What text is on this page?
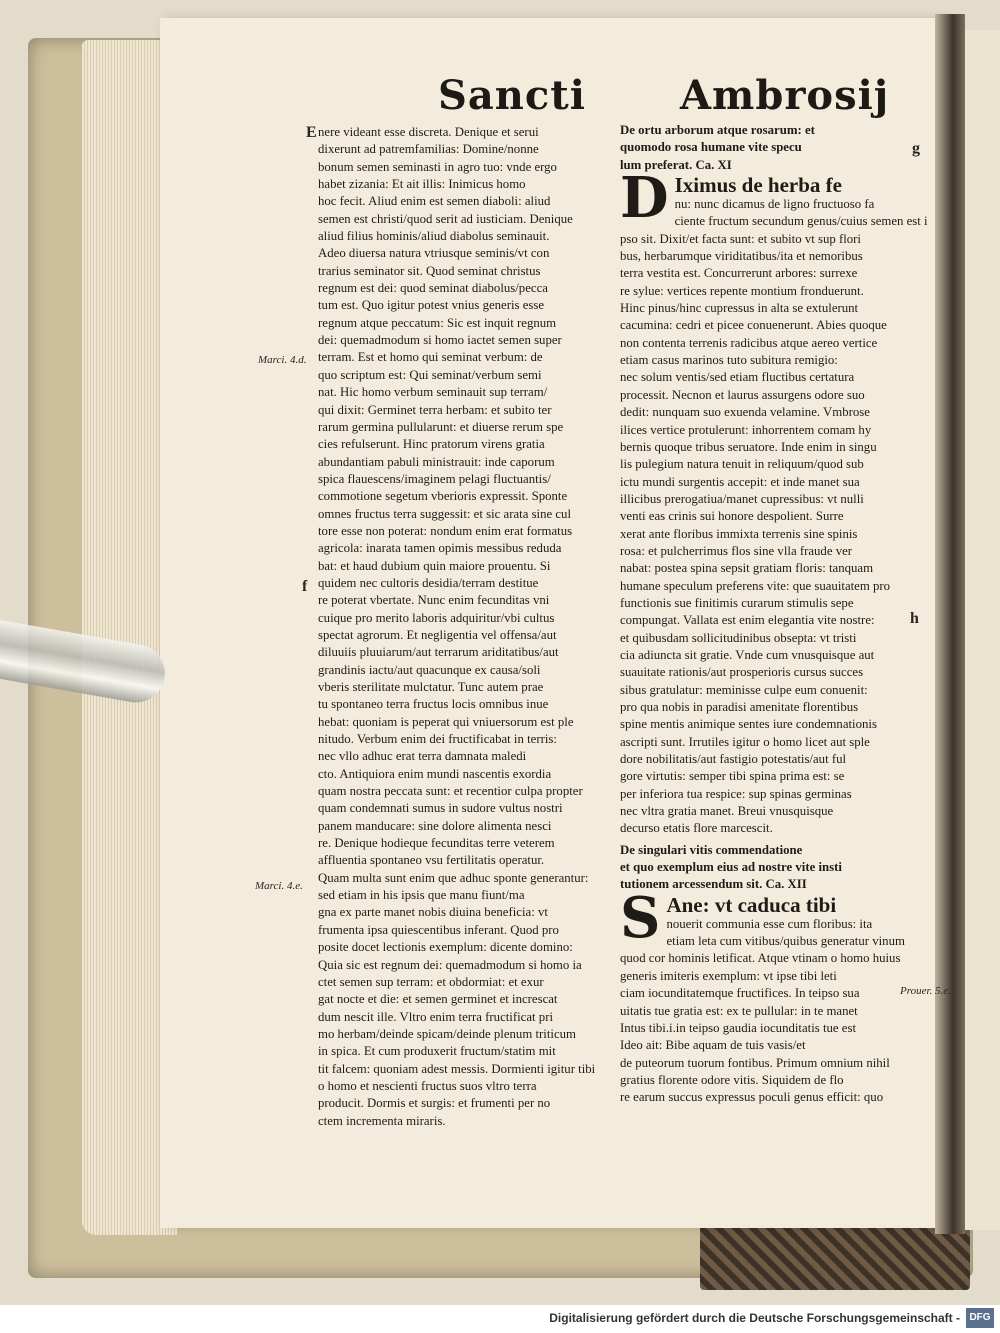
Sancti Ambrosij
E
Marci. 4.d.
Marci. 4.e.
f
g
h
Prouer. 5.e.

nere videant esse discreta. Denique et serui

dixerunt ad patremfamilias: Domine/nonne

bonum semen seminasti in agro tuo: vnde ergo

habet zizania: Et ait illis: Inimicus homo

hoc fecit. Aliud enim est semen diaboli: aliud

semen est christi/quod serit ad iusticiam. Denique

aliud filius hominis/aliud diabolus seminauit.

Adeo diuersa natura vtriusque seminis/vt con

trarius seminator sit. Quod seminat christus

regnum est dei: quod seminat diabolus/pecca

tum est. Quo igitur potest vnius generis esse

regnum atque peccatum: Sic est inquit regnum

dei: quemadmodum si homo iactet semen super

terram. Est et homo qui seminat verbum: de

quo scriptum est: Qui seminat/verbum semi

nat. Hic homo verbum seminauit sup terram/

qui dixit: Germinet terra herbam: et subito ter

rarum germina pullularunt: et diuerse rerum spe

cies refulserunt. Hinc pratorum virens gratia

abundantiam pabuli ministrauit: inde caporum

spica flauescens/imaginem pelagi fluctuantis/

commotione segetum vberioris expressit. Sponte

omnes fructus terra suggessit: et sic arata sine cul

tore esse non poterat: nondum enim erat formatus

agricola: inarata tamen opimis messibus reduda

bat: et haud dubium quin maiore prouentu. Si

quidem nec cultoris desidia/terram destitue

re poterat vbertate. Nunc enim fecunditas vni

cuique pro merito laboris adquiritur/vbi cultus

spectat agrorum. Et negligentia vel offensa/aut

diluuiis pluuiarum/aut terrarum ariditatibus/aut

grandinis iactu/aut quacunque ex causa/soli

vberis sterilitate mulctatur. Tunc autem prae

tu spontaneo terra fructus locis omnibus inue

hebat: quoniam is peperat qui vniuersorum est ple

nitudo. Verbum enim dei fructificabat in terris:

nec vllo adhuc erat terra damnata maledi

cto. Antiquiora enim mundi nascentis exordia

quam nostra peccata sunt: et recentior culpa propter

quam condemnati sumus in sudore vultus nostri

panem manducare: sine dolore alimenta nesci

re. Denique hodieque fecunditas terre veterem

affluentia spontaneo vsu fertilitatis operatur.

Quam multa sunt enim que adhuc sponte generantur:

sed etiam in his ipsis que manu fiunt/ma

gna ex parte manet nobis diuina beneficia: vt

frumenta ipsa quiescentibus inferant. Quod pro

posite docet lectionis exemplum: dicente domino:

Quia sic est regnum dei: quemadmodum si homo ia

ctet semen sup terram: et obdormiat: et exur

gat nocte et die: et semen germinet et increscat

dum nescit ille. Vltro enim terra fructificat pri

mo herbam/deinde spicam/deinde plenum triticum

in spica. Et cum produxerit fructum/statim mit

tit falcem: quoniam adest messis. Dormienti igitur tibi

o homo et nescienti fructus suos vltro terra

producit. Dormis et surgis: et frumenti per no

ctem incrementa miraris.

De ortu arborum atque rosarum: et

quomodo rosa humane vite specu

lum preferat. Ca. XI

D Iximus de herba fe

nu: nunc dicamus de ligno fructuoso fa

ciente fructum secundum genus/cuius semen est i

pso sit. Dixit/et facta sunt: et subito vt sup flori

bus, herbarumque viriditatibus/ita et nemoribus

terra vestita est. Concurrerunt arbores: surrexe

re sylue: vertices repente montium fronduerunt.

Hinc pinus/hinc cupressus in alta se extulerunt

cacumina: cedri et picee conuenerunt. Abies quoque

non contenta terrenis radicibus atque aereo vertice

etiam casus marinos tuto subitura remigio:

nec solum ventis/sed etiam fluctibus certatura

processit. Necnon et laurus assurgens odore suo

dedit: nunquam suo exuenda velamine. Vmbrose

ilices vertice protulerunt: inhorrentem comam hy

bernis quoque tribus seruatore. Inde enim in singu

lis pulegium natura tenuit in reliquum/quod sub

ictu mundi surgentis accepit: et inde manet sua

illicibus prerogatiua/manet cupressibus: vt nulli

venti eas crinis sui honore despolient. Surre

xerat ante floribus immixta terrenis sine spinis

rosa: et pulcherrimus flos sine vlla fraude ver

nabat: postea spina sepsit gratiam floris: tanquam

humane speculum preferens vite: que suauitatem pro

functionis sue finitimis curarum stimulis sepe

compungat. Vallata est enim elegantia vite nostre:

et quibusdam sollicitudinibus obsepta: vt tristi

cia adiuncta sit gratie. Vnde cum vnusquisque aut

suauitate rationis/aut prosperioris cursus succes

sibus gratulatur: meminisse culpe eum conuenit:

pro qua nobis in paradisi amenitate florentibus

spine mentis animique sentes iure condemnationis

ascripti sunt. Irrutiles igitur o homo licet aut sple

dore nobilitatis/aut fastigio potestatis/aut ful

gore virtutis: semper tibi spina prima est: se

per inferiora tua respice: sup spinas germinas

nec vltra gratia manet. Breui vnusquisque

decurso etatis flore marcescit.

De singulari vitis commendatione

et quo exemplum eius ad nostre vite insti

tutionem arcessendum sit. Ca. XII

S Ane: vt caduca tibi

nouerit communia esse cum floribus: ita

etiam leta cum vitibus/quibus generatur vinum

quod cor hominis letificat. Atque vtinam o homo huius

generis imiteris exemplum: vt ipse tibi leti

ciam iocunditatemque fructifices. In teipso sua

uitatis tue gratia est: ex te pullular: in te manet

Intus tibi.i.in teipso gaudia iocunditatis tue est

Ideo ait: Bibe aquam de tuis vasis/et

de puteorum tuorum fontibus. Primum omnium nihil

gratius florente odore vitis. Siquidem de flo

re earum succus expressus poculi genus efficit: quo

Digitalisierung gefördert durch die Deutsche Forschungsgemeinschaft - DFG
